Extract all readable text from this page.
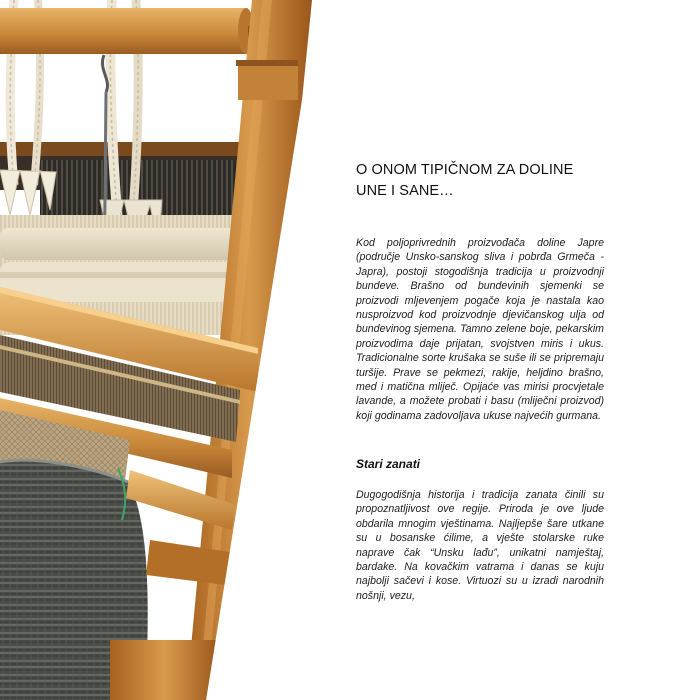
O ONOM TIPIČNOM ZA DOLINE
UNE I SANE…

Kod poljoprivrednih proizvođača doline Japre (područje Unsko-sanskog sliva i pobrđa Grmeča - Japra), postoji stogodišnja tradicija u proizvodnji bundeve. Brašno od bundevinih sjemenki se proizvodi mljevenjem pogače koja je nastala kao nusproizvod kod proizvodnje djevičanskog ulja od bundevinog sjemena. Tamno zelene boje, pekarskim proizvodima daje prijatan, svojstven miris i ukus. Tradicionalne sorte krušaka se suše ili se pripremaju turšije. Prave se pekmezi, rakije, heljdino brašno, med i matična mliječ. Opijaće vas mirisi procvjetale lavande, a možete probati i basu (mliječni proizvod) koji godinama zadovoljava ukuse najvećih gurmana.

Stari zanati

Dugogodišnja historija i tradicija zanata činili su propoznatljivost ove regije. Priroda je ove ljude obdarila mnogim vještinama. Najljepše šare utkane su u bosanske ćilime, a vješte stolarske ruke naprave čak “Unsku lađu”, unikatni namještaj, bardake. Na kovačkim vatrama i danas se kuju najbolji sačevi i kose. Virtuozi su u izradi narodnih nošnji, vezu,
